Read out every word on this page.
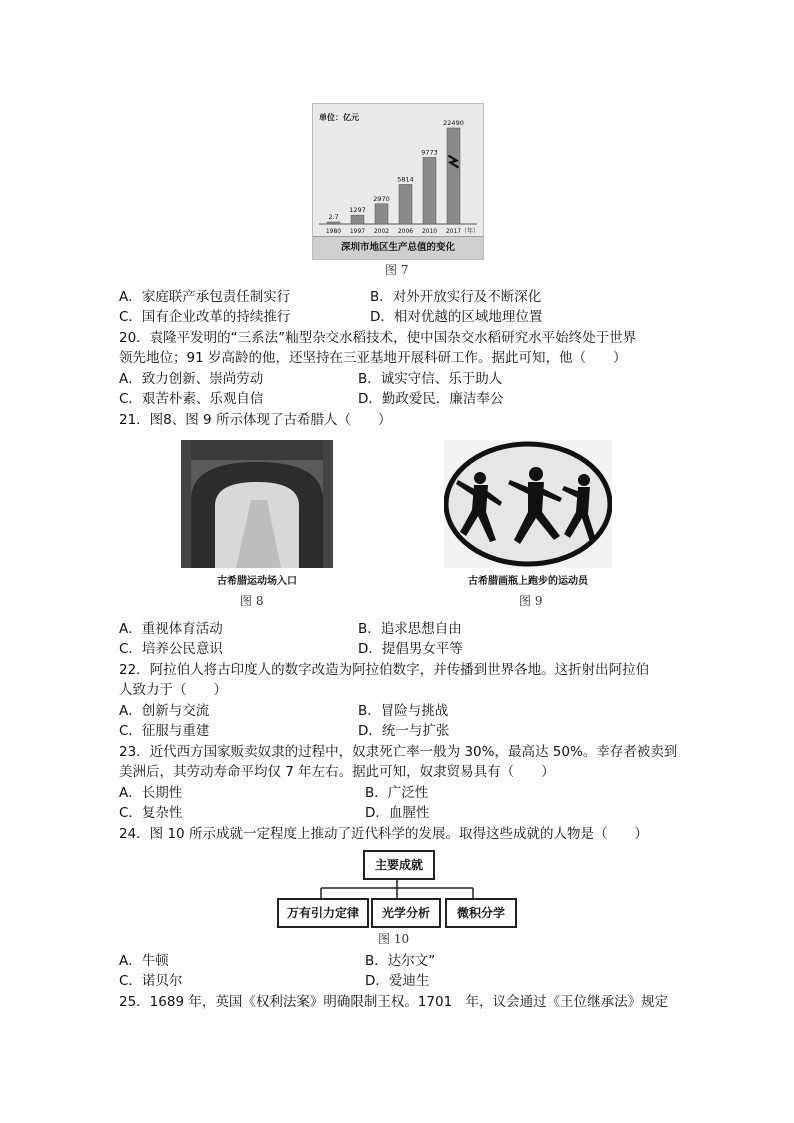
单位：亿元
2.7
1980
1297
1997
2970
2002
5814
2006
9773
2010
22490
2017 （年）
深圳市地区生产总值的变化
图 7
A．家庭联产承包责任制实行	B．对外开放实行及不断深化
C．国有企业改革的持续推行	D．相对优越的区域地理位置
20．袁隆平发明的“三系法”籼型杂交水稻技术，使中国杂交水稻研究水平始终处于世界
领先地位；91 岁高龄的他，还坚持在三亚基地开展科研工作。据此可知，他（　　）
A．致力创新、崇尚劳动	B．诚实守信、乐于助人
C．艰苦朴素、乐观自信	D．勤政爱民．廉洁奉公
21．图8、图 9 所示体现了古希腊人（　　）
古希腊运动场入口
图 8
古希腊画瓶上跑步的运动员
图 9
A．重视体育活动	B．追求思想自由
C．培养公民意识	D．提倡男女平等
22．阿拉伯人将古印度人的数字改造为阿拉伯数字，并传播到世界各地。这折射出阿拉伯
人致力于（　　）
A．创新与交流	B．冒险与挑战
C．征服与重建	D．统一与扩张
23．近代西方国家贩卖奴隶的过程中，奴隶死亡率一般为 30%，最高达 50%。幸存者被卖到
美洲后，其劳动寿命平均仅 7 年左右。据此可知，奴隶贸易具有（　　）
A．长期性	B．广泛性
C．复杂性	D．血腥性
24．图 10 所示成就一定程度上推动了近代科学的发展。取得这些成就的人物是（　　）
主要成就
万有引力定律	光学分析	微积分学
图 10
A．牛顿	B．达尔文”
C．诺贝尔	D．爱迪生
25．1689 年，英国《权利法案》明确限制王权。1701　年，议会通过《王位继承法》规定
